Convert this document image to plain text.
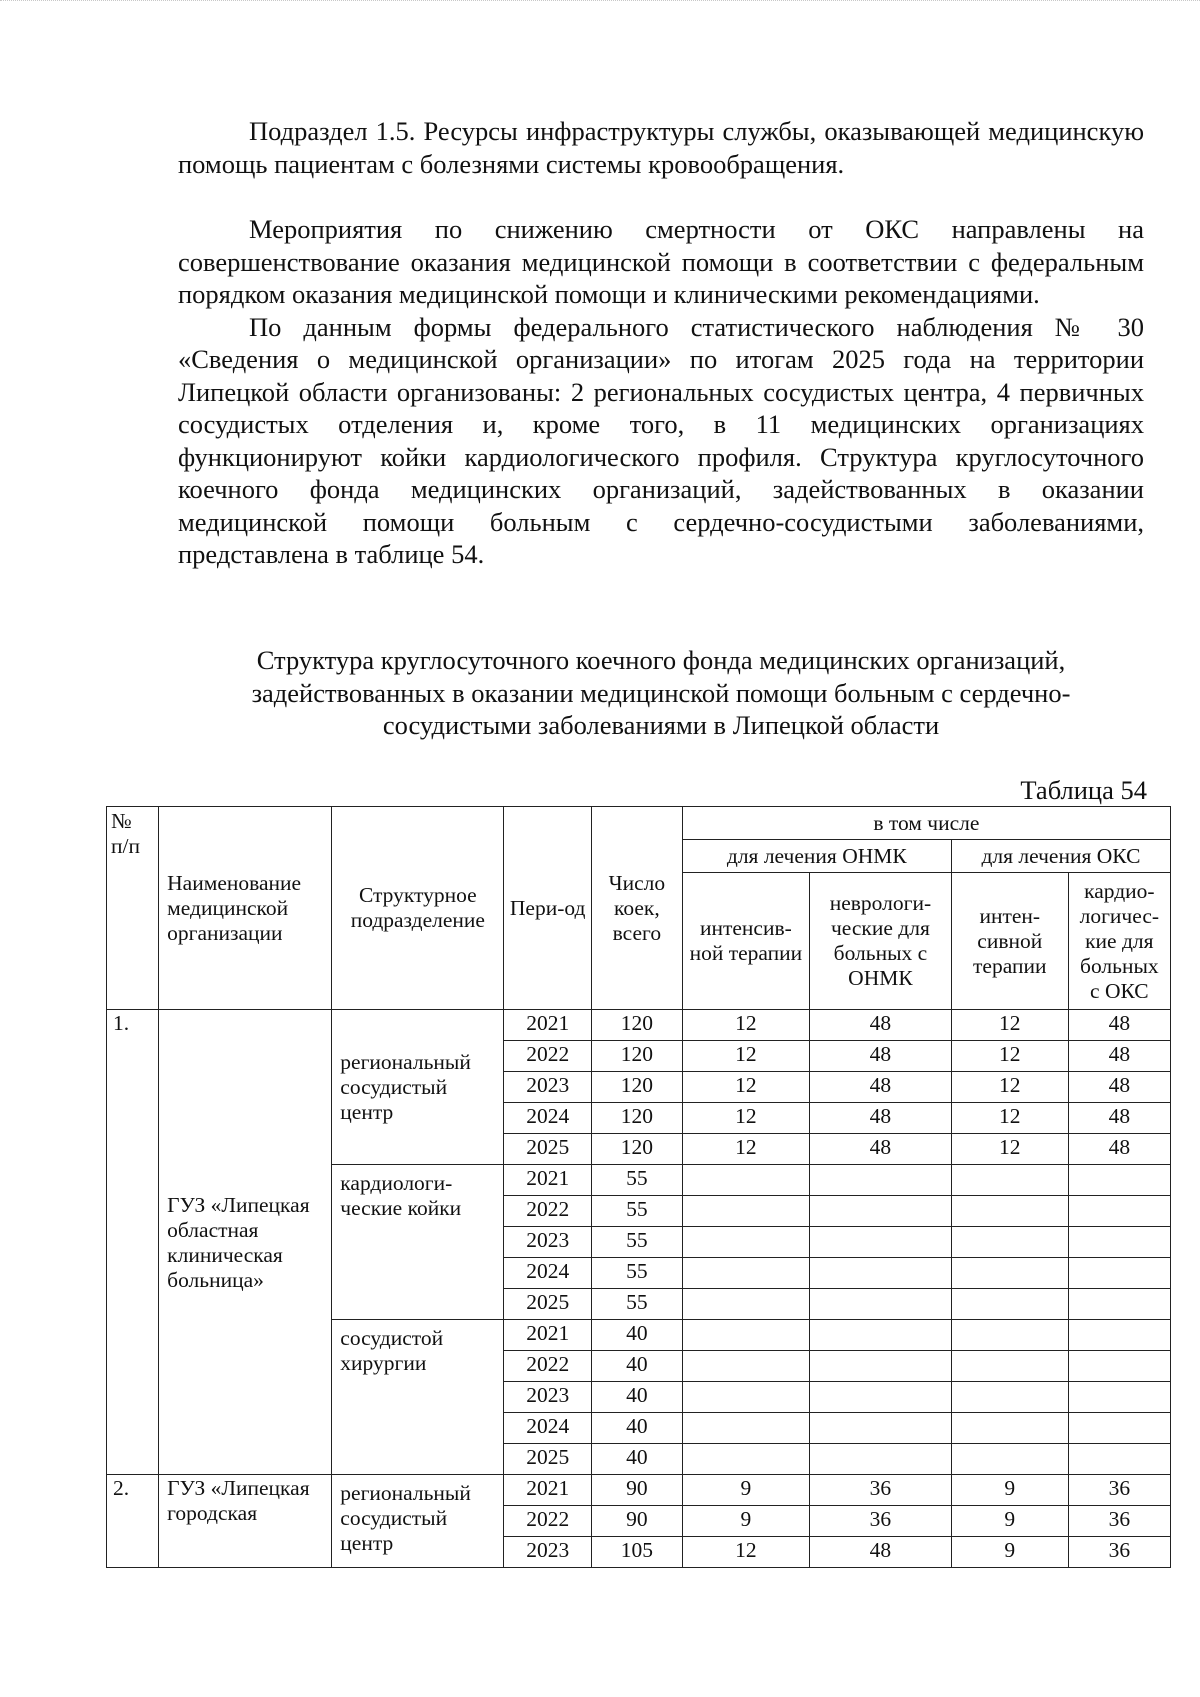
Подраздел 1.5. Ресурсы инфраструктуры службы, оказывающей медицинскую помощь пациентам с болезнями системы кровообращения.

Мероприятия по снижению смертности от ОКС направлены на совершенствование оказания медицинской помощи в соответствии с федеральным порядком оказания медицинской помощи и клиническими рекомендациями.

По данным формы федерального статистического наблюдения № 30 «Сведения о медицинской организации» по итогам 2025 года на территории Липецкой области организованы: 2 региональных сосудистых центра, 4 первичных сосудистых отделения и, кроме того, в 11 медицинских организациях функционируют койки кардиологического профиля. Структура круглосуточного коечного фонда медицинских организаций, задействованных в оказании медицинской помощи больным с сердечно-сосудистыми заболеваниями, представлена в таблице 54.

Структура круглосуточного коечного фонда медицинских организаций,
задействованных в оказании медицинской помощи больным с сердечно-
сосудистыми заболеваниями в Липецкой области
Таблица 54
№ п/п	Наименование медицинской организации	Структурное подразделение	Пери-од	Число коек, всего	в том числе			
					для лечения ОНМК		для лечения ОКС	
					интенсив-ной терапии	неврологи-ческие для больных с ОНМК	интен-сивной терапии	кардио-логичес-кие для больных с ОКС
1.	ГУЗ «Липецкая областная клиническая больница»	региональный сосудистый центр	2021	120	12	48	12	48
			2022	120	12	48	12	48
			2023	120	12	48	12	48
			2024	120	12	48	12	48
			2025	120	12	48	12	48
		кардиологи-ческие койки	2021	55				
			2022	55				
			2023	55				
			2024	55				
			2025	55				
		сосудистой хирургии	2021	40				
			2022	40				
			2023	40				
			2024	40				
			2025	40				
2.	ГУЗ «Липецкая городская	региональный сосудистый центр	2021	90	9	36	9	36
			2022	90	9	36	9	36
			2023	105	12	48	9	36
